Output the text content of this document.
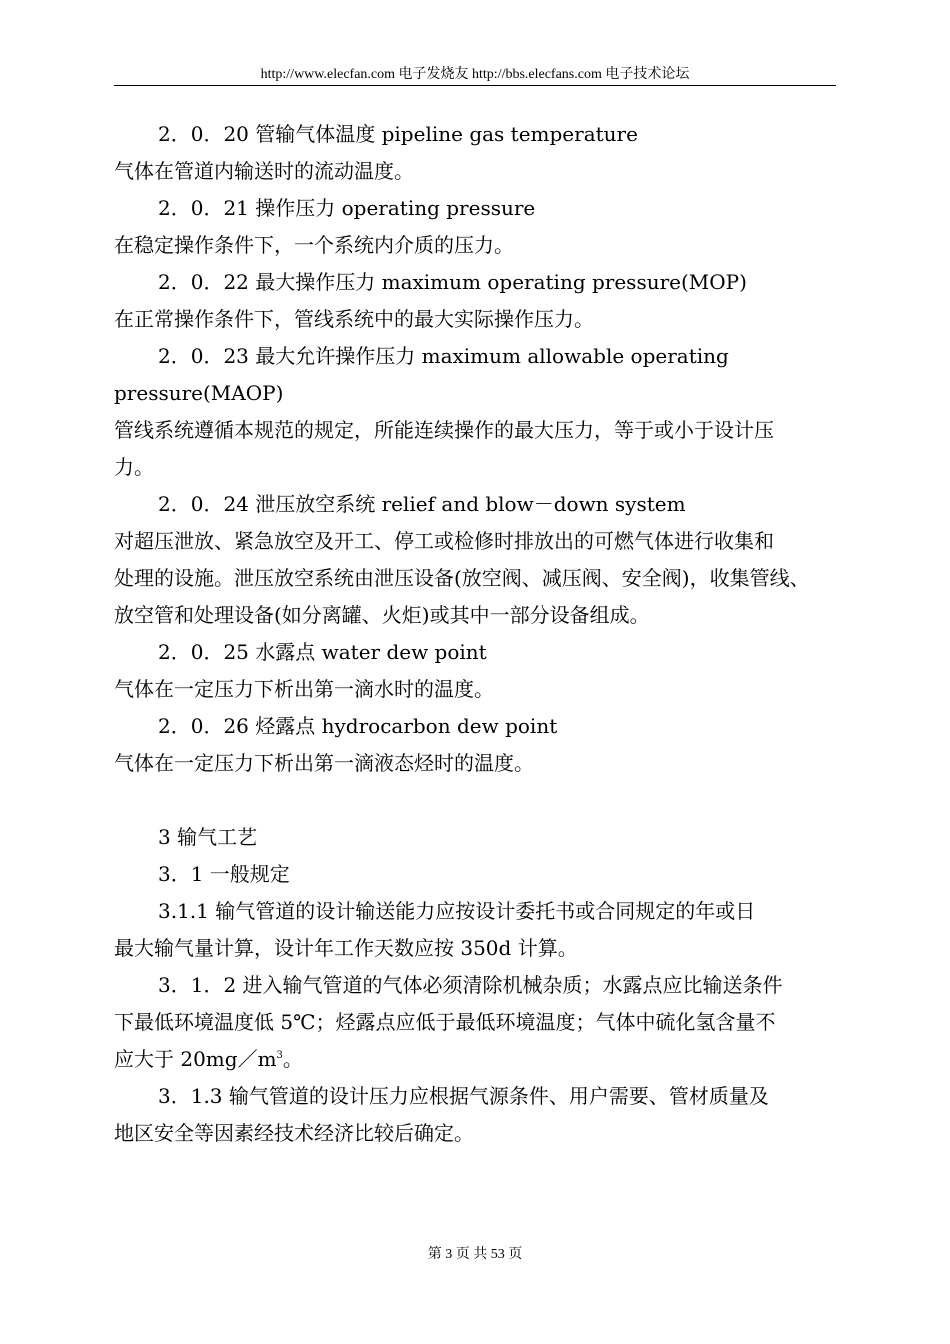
http://www.elecfan.com 电子发烧友 http://bbs.elecfans.com 电子技术论坛
2．0．20 管输气体温度 pipeline gas temperature
气体在管道内输送时的流动温度。
2．0．21 操作压力 operating pressure
在稳定操作条件下，一个系统内介质的压力。
2．0．22 最大操作压力 maximum operating pressure(MOP)
在正常操作条件下，管线系统中的最大实际操作压力。
2．0．23 最大允许操作压力 maximum allowable operating
pressure(MAOP)
管线系统遵循本规范的规定，所能连续操作的最大压力，等于或小于设计压
力。
2．0．24 泄压放空系统 relief and blow－down system
对超压泄放、紧急放空及开工、停工或检修时排放出的可燃气体进行收集和
处理的设施。泄压放空系统由泄压设备(放空阀、减压阀、安全阀)，收集管线、
放空管和处理设备(如分离罐、火炬)或其中一部分设备组成。
2．0．25 水露点 water dew point
气体在一定压力下析出第一滴水时的温度。
2．0．26 烃露点 hydrocarbon dew point
气体在一定压力下析出第一滴液态烃时的温度。
3 输气工艺
3．1 一般规定
3.1.1 输气管道的设计输送能力应按设计委托书或合同规定的年或日
最大输气量计算，设计年工作天数应按 350d 计算。
3．1．2 进入输气管道的气体必须清除机械杂质；水露点应比输送条件
下最低环境温度低 5℃；烃露点应低于最低环境温度；气体中硫化氢含量不
应大于 $20mg/m^3$。
3．1.3 输气管道的设计压力应根据气源条件、用户需要、管材质量及
地区安全等因素经技术经济比较后确定。
第 3 页 共 53 页
